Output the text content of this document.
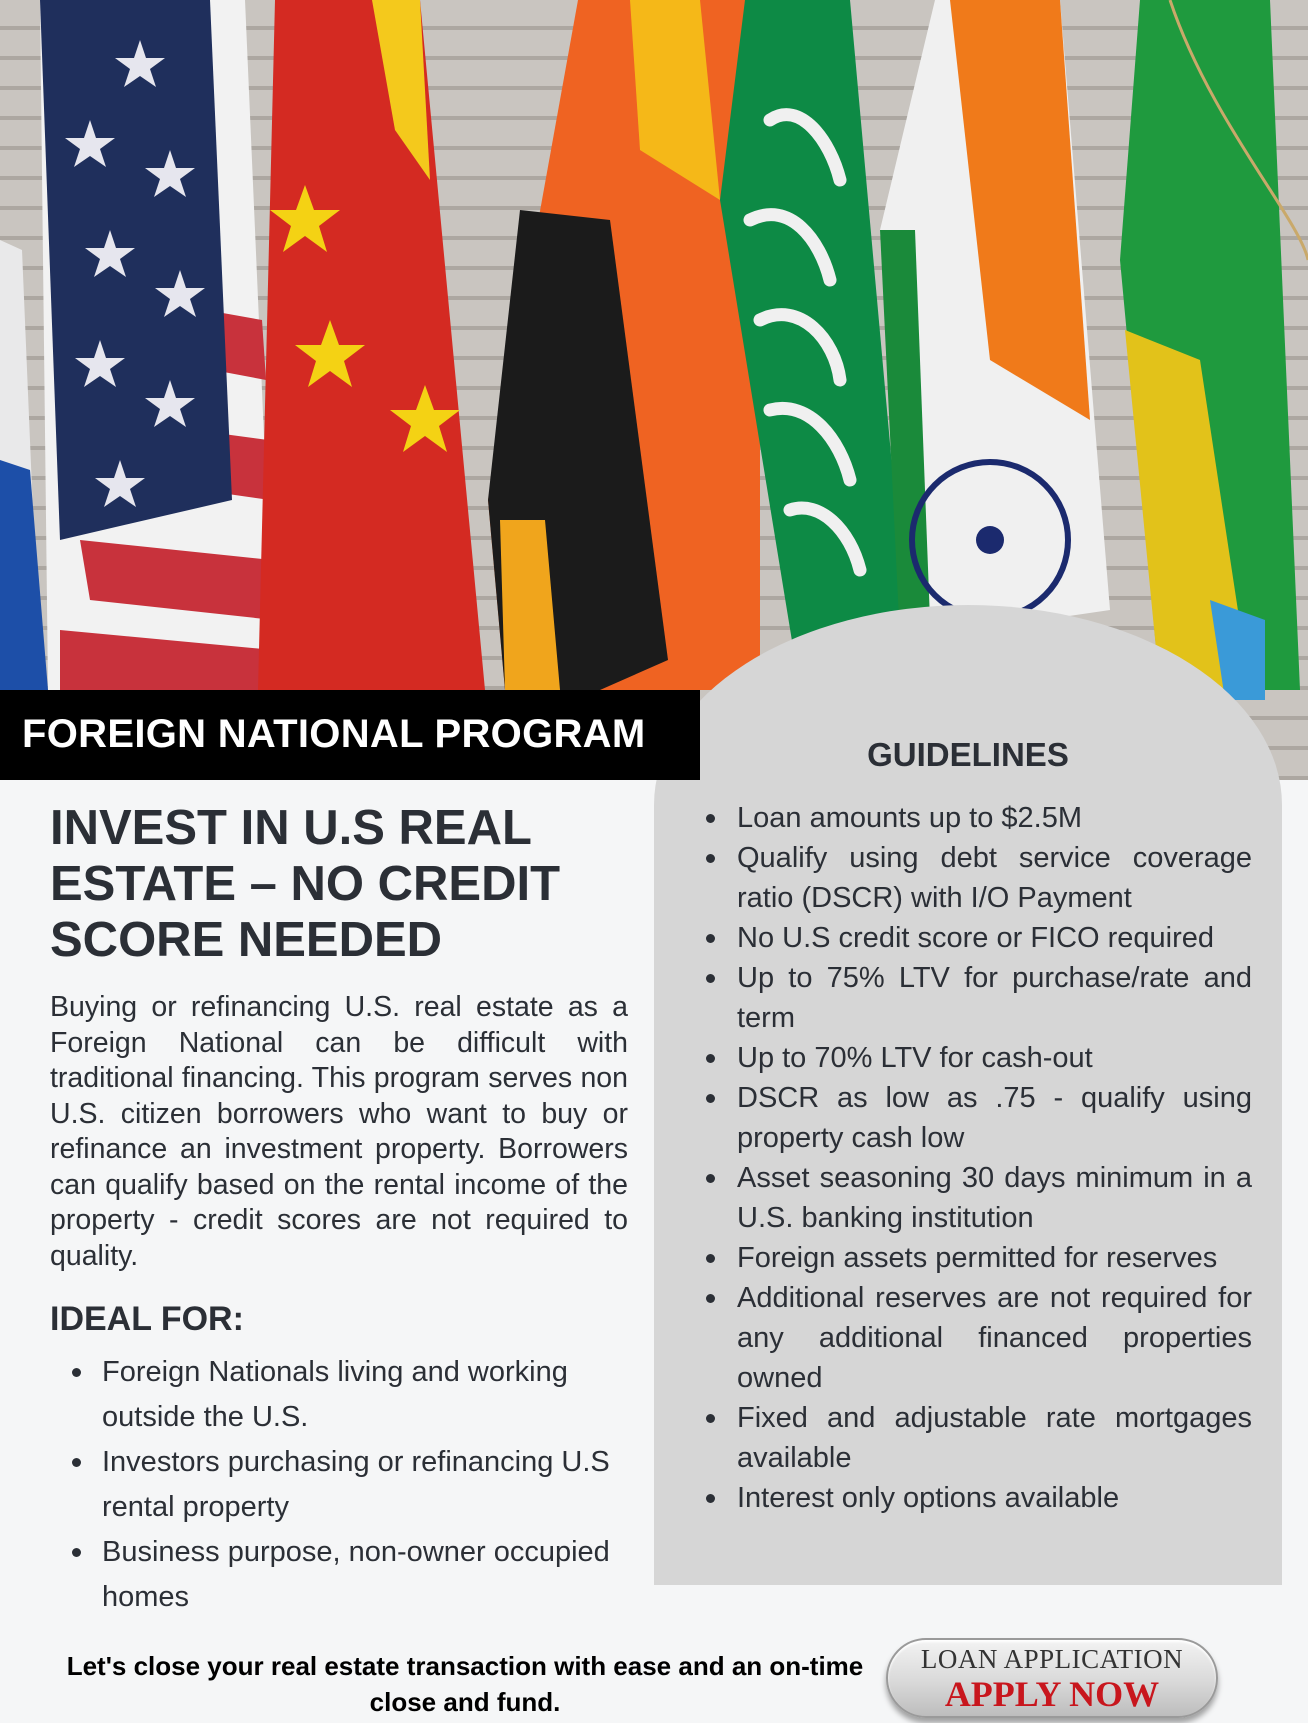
FOREIGN NATIONAL PROGRAM	GUIDELINES
Loan amounts up to $2.5M
Qualify using debt service coverage ratio (DSCR) with I/O Payment
No U.S credit score or FICO required
Up to 75% LTV for purchase/rate and term
Up to 70% LTV for cash-out
DSCR as low as .75 - qualify using property cash low
Asset seasoning 30 days minimum in a U.S. banking institution
Foreign assets permitted for reserves
Additional reserves are not required for any additional financed properties owned
Fixed and adjustable rate mortgages available
Interest only options available
INVEST IN U.S REAL ESTATE – NO CREDIT SCORE NEEDED

Buying or refinancing U.S. real estate as a Foreign National can be difficult with traditional financing. This program serves non U.S. citizen borrowers who want to buy or refinance an investment property. Borrowers can qualify based on the rental income of the property - credit scores are not required to quality.

IDEAL FOR:
Foreign Nationals living and working outside the U.S.
Investors purchasing or refinancing U.S rental property
Business purpose, non-owner occupied homes

Let's close your real estate transaction with ease and an on-time close and fund.

LOAN APPLICATION
APPLY NOW
